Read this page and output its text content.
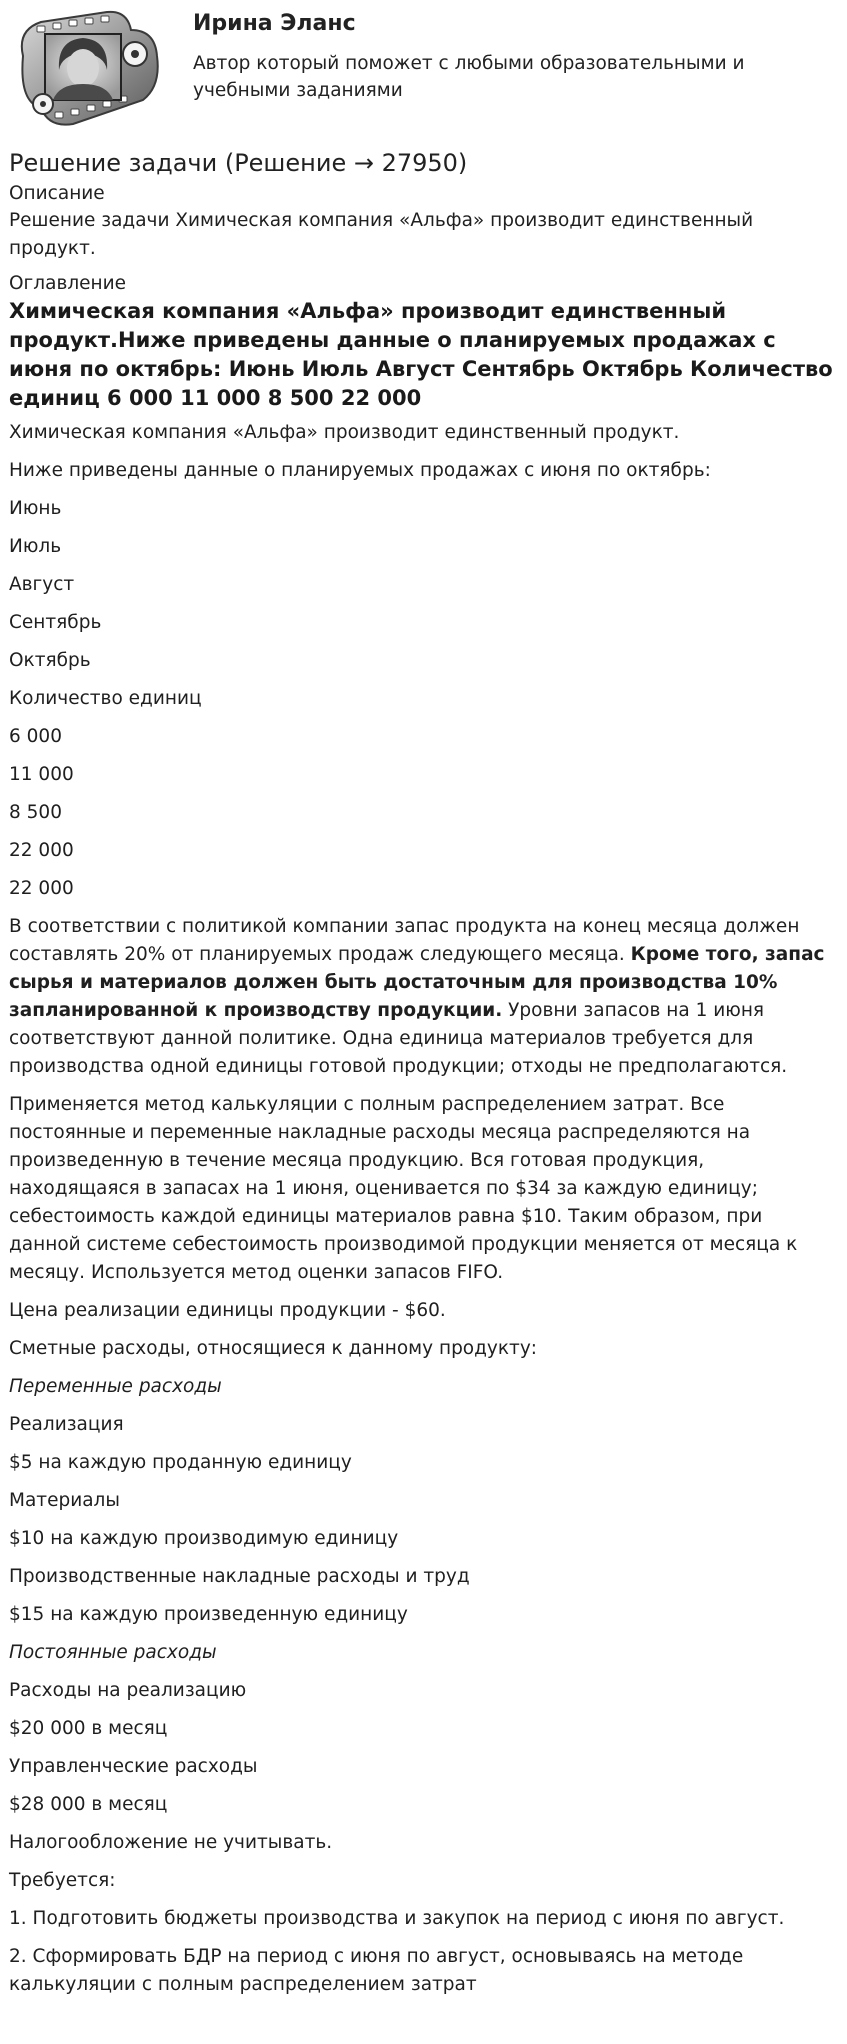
Ирина Эланс
Автор который поможет с любыми образовательными и учебными заданиями
Решение задачи (Решение → 27950)
Описание
Решение задачи Химическая компания «Альфа» производит единственный продукт.
Оглавление
Химическая компания «Альфа» производит единственный продукт.Ниже приведены данные о планируемых продажах с июня по октябрь: Июнь Июль Август Сентябрь Октябрь Количество единиц 6 000 11 000 8 500 22 000

Химическая компания «Альфа» производит единственный продукт.

Ниже приведены данные о планируемых продажах с июня по октябрь:

Июнь

Июль

Август

Сентябрь

Октябрь

Количество единиц

6 000

11 000

8 500

22 000

22 000

В соответствии с политикой компании запас продукта на конец месяца должен составлять 20% от планируемых продаж следующего месяца. Кроме того, запас сырья и материалов должен быть достаточным для производства 10% запланированной к производству продукции. Уровни запасов на 1 июня соответствуют данной политике. Одна единица материалов требуется для производства одной единицы готовой продукции; отходы не предполагаются.

Применяется метод калькуляции с полным распределением затрат. Все постоянные и переменные накладные расходы месяца распределяются на произведенную в течение месяца продукцию. Вся готовая продукция, находящаяся в запасах на 1 июня, оценивается по $34 за каждую единицу; себестоимость каждой единицы материалов равна $10. Таким образом, при данной системе себестоимость производимой продукции меняется от месяца к месяцу. Используется метод оценки запасов FIFO.

Цена реализации единицы продукции - $60.

Сметные расходы, относящиеся к данному продукту:

Переменные расходы

Реализация

$5 на каждую проданную единицу

Материалы

$10 на каждую производимую единицу

Производственные накладные расходы и труд

$15 на каждую произведенную единицу

Постоянные расходы

Расходы на реализацию

$20 000 в месяц

Управленческие расходы

$28 000 в месяц

Налогообложение не учитывать.

Требуется:

1. Подготовить бюджеты производства и закупок на период с июня по август.

2. Сформировать БДР на период с июня по август, основываясь на методе калькуляции с полным распределением затрат
